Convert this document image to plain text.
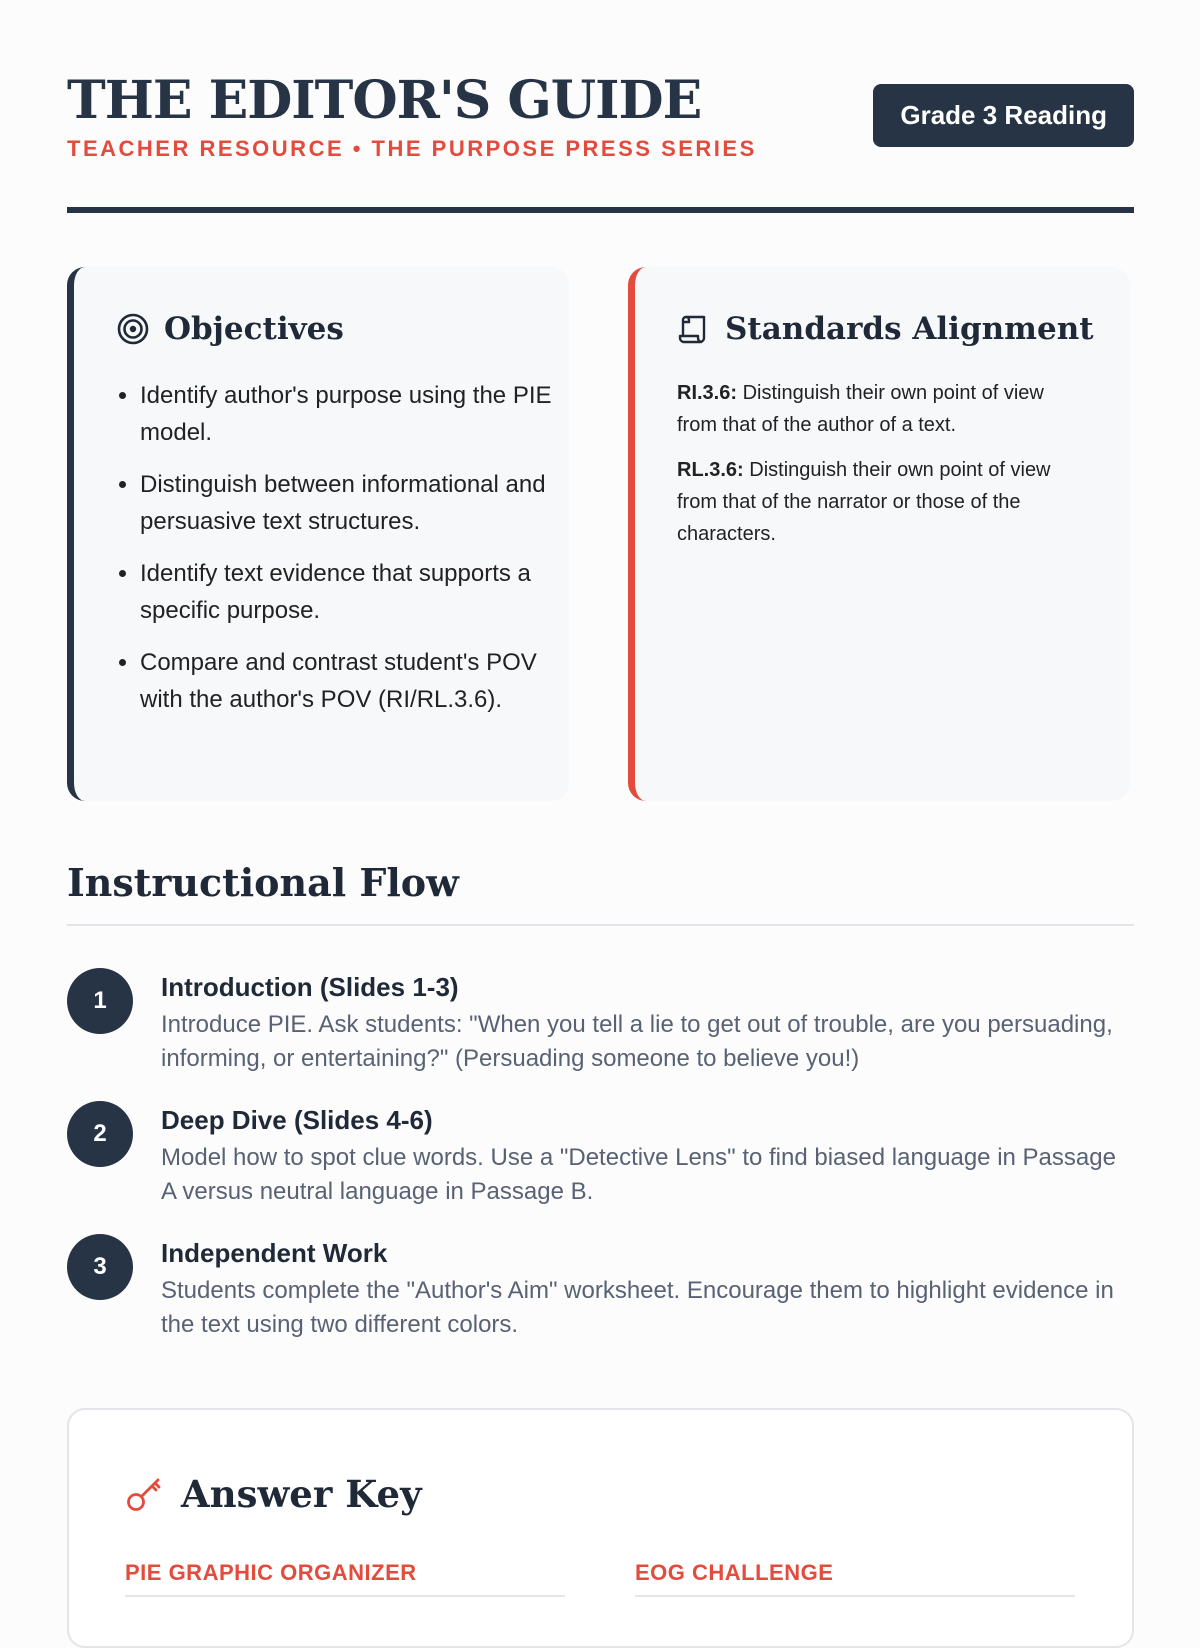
THE EDITOR'S GUIDE
TEACHER RESOURCE • THE PURPOSE PRESS SERIES
Grade 3 Reading
Objectives
• Identify author's purpose using the PIE model.
• Distinguish between informational and persuasive text structures.
• Identify text evidence that supports a specific purpose.
• Compare and contrast student's POV with the author's POV (RI/RL.3.6).
Standards Alignment

RI.3.6: Distinguish their own point of view from that of the author of a text.

RL.3.6: Distinguish their own point of view from that of the narrator or those of the characters.

Instructional Flow
1	Introduction (Slides 1-3)
Introduce PIE. Ask students: "When you tell a lie to get out of trouble, are you persuading, informing, or entertaining?" (Persuading someone to believe you!)
2	Deep Dive (Slides 4-6)
Model how to spot clue words. Use a "Detective Lens" to find biased language in Passage A versus neutral language in Passage B.
3	Independent Work
Students complete the "Author's Aim" worksheet. Encourage them to highlight evidence in the text using two different colors.
Answer Key
PIE GRAPHIC ORGANIZER	EOG CHALLENGE
